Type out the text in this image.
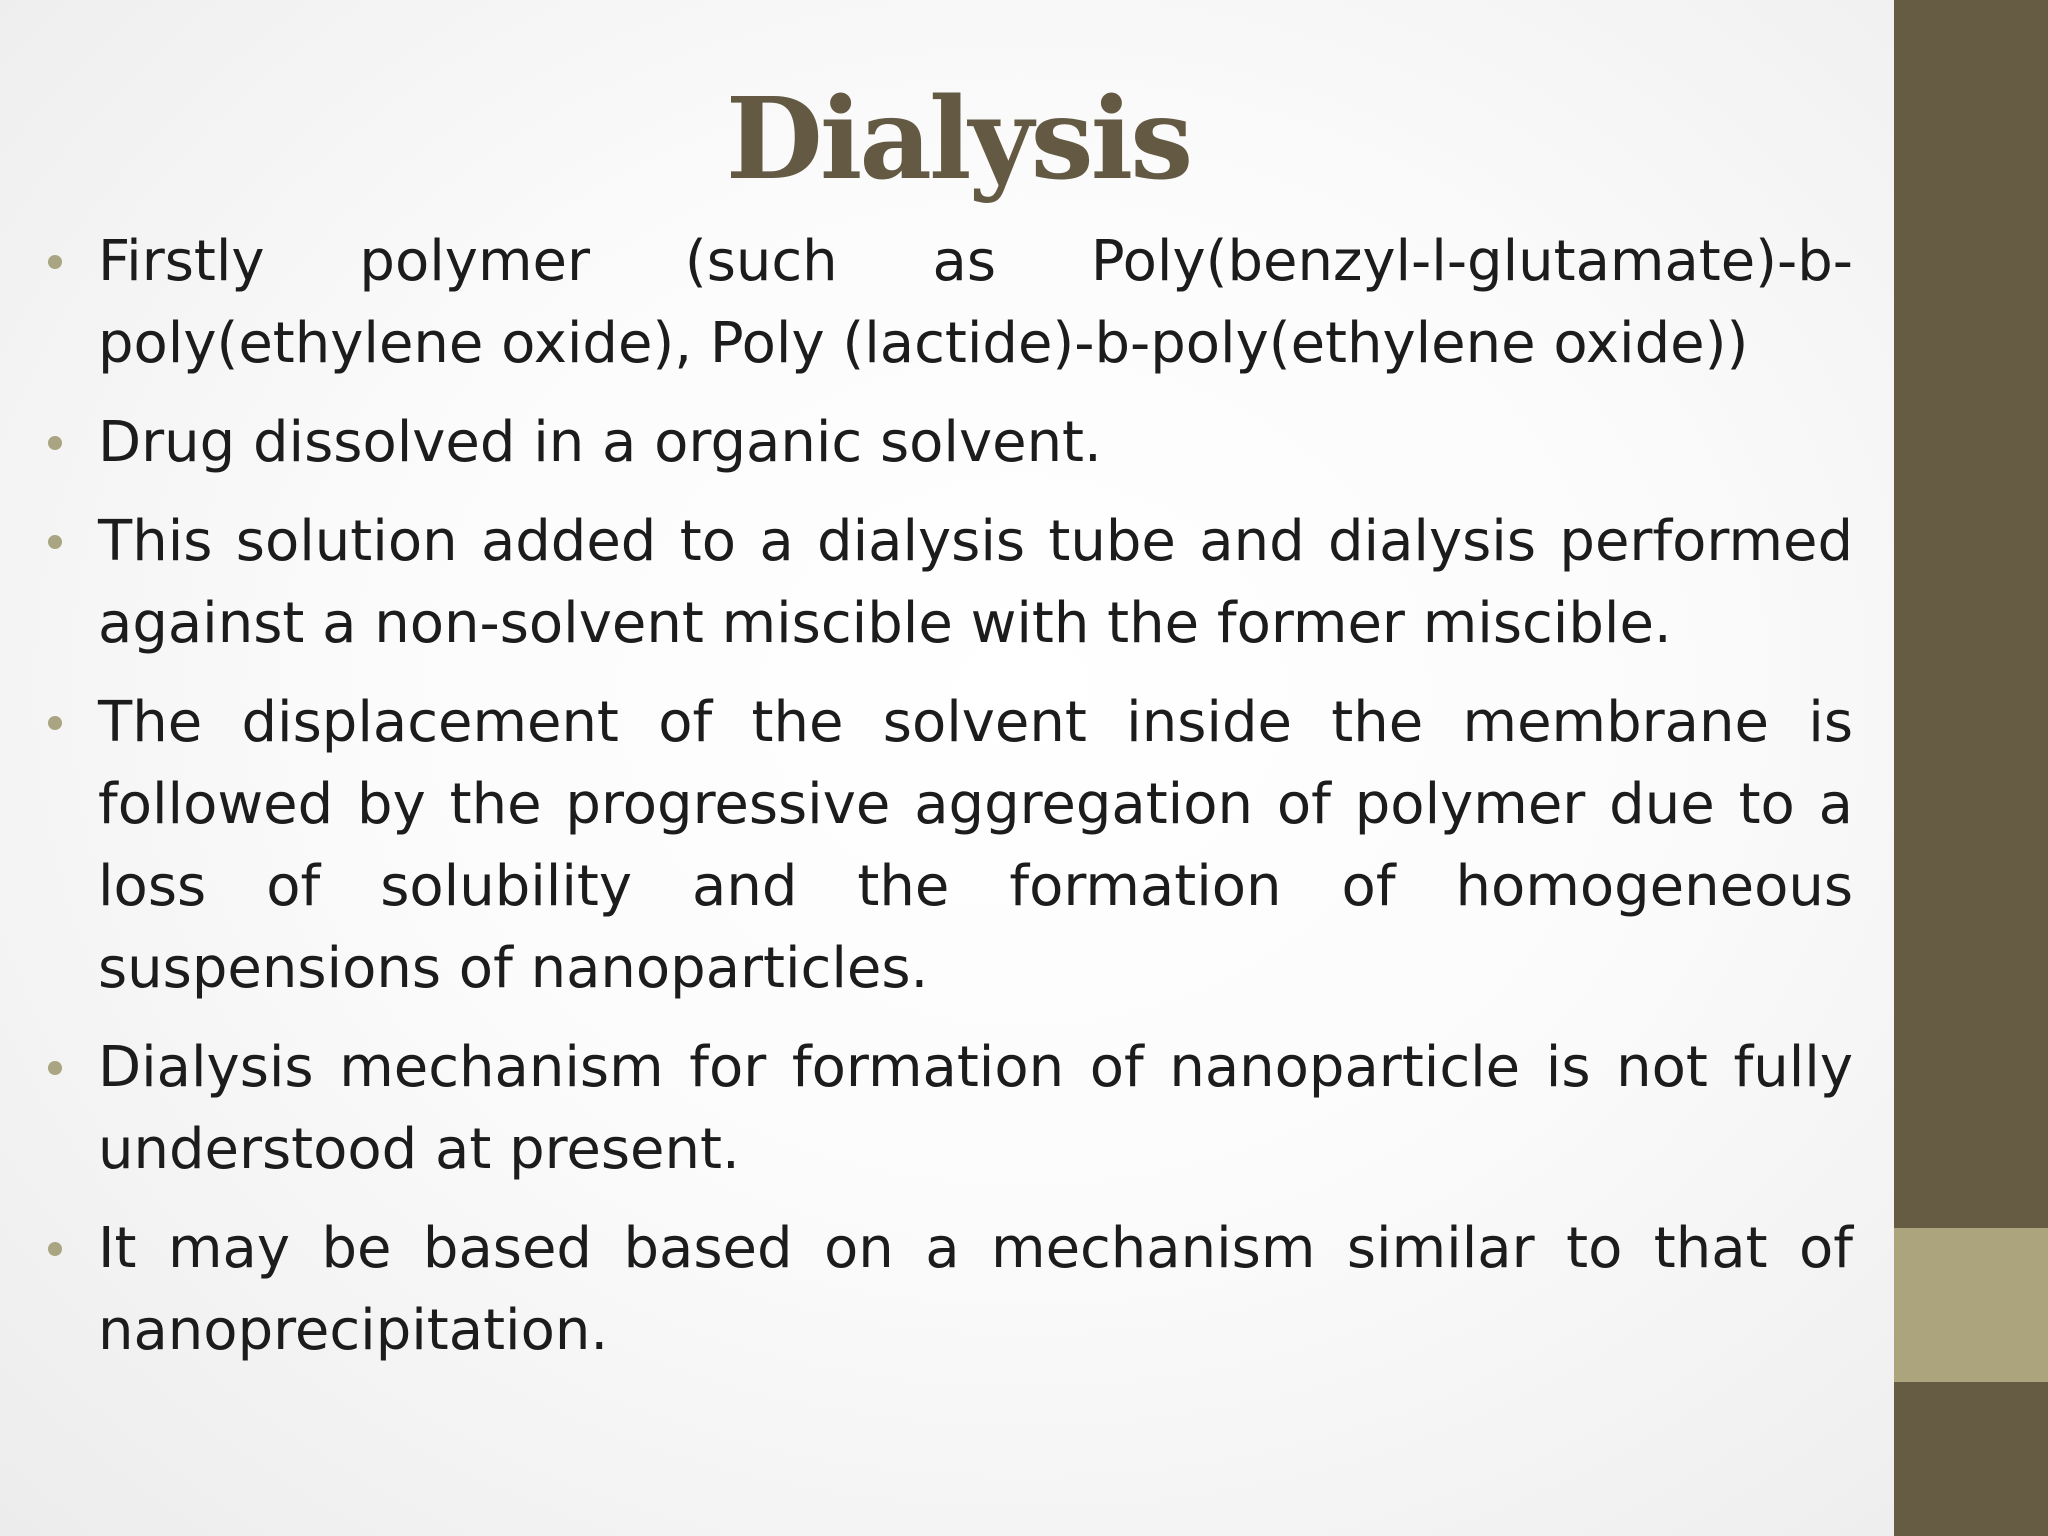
Dialysis
Firstly polymer (such as Poly(benzyl-l-glutamate)-b-poly(ethylene oxide), Poly (lactide)-b-poly(ethylene oxide))
Drug dissolved in a organic solvent.
This solution added to a dialysis tube and dialysis performed against a non-solvent miscible with the former miscible.
The displacement of the solvent inside the membrane is followed by the progressive aggregation of polymer due to a loss of solubility and the formation of homogeneous suspensions of nanoparticles.
Dialysis mechanism for formation of nanoparticle is not fully understood at present.
It may be based based on a mechanism similar to that of nanoprecipitation.
